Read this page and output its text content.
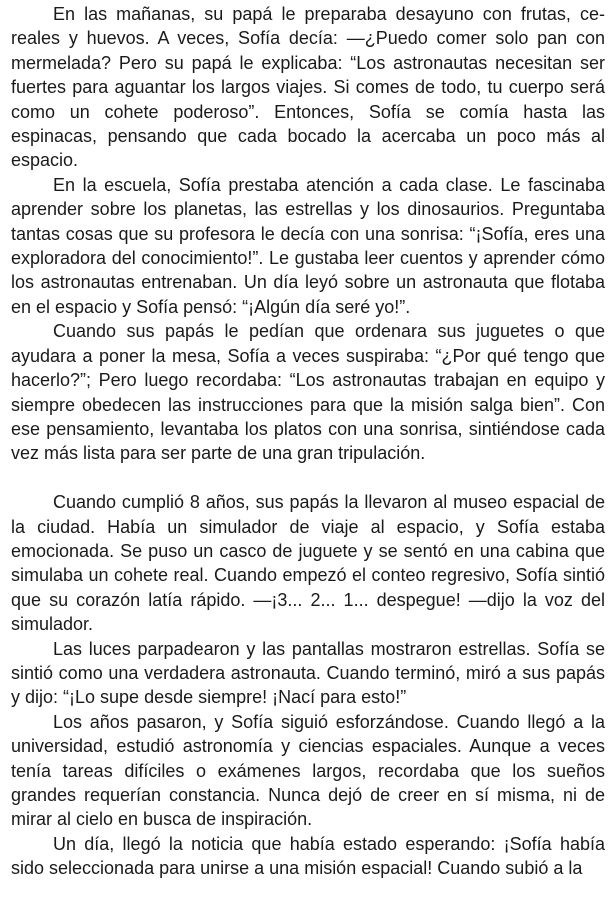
En las mañanas, su papá le preparaba desayuno con frutas, cereales y huevos. A veces, Sofía decía: —¿Puedo comer solo pan con mermelada? Pero su papá le explicaba: “Los astronautas necesitan ser fuertes para aguantar los largos viajes. Si comes de todo, tu cuerpo será como un cohete poderoso”. Entonces, Sofía se comía hasta las espinacas, pensando que cada bocado la acercaba un poco más al espacio.

En la escuela, Sofía prestaba atención a cada clase. Le fascinaba aprender sobre los planetas, las estrellas y los dinosaurios. Preguntaba tantas cosas que su profesora le decía con una sonrisa: “¡Sofía, eres una exploradora del conocimiento!”. Le gustaba leer cuentos y aprender cómo los astronautas entrenaban. Un día leyó sobre un astronauta que flotaba en el espacio y Sofía pensó: “¡Algún día seré yo!”.

Cuando sus papás le pedían que ordenara sus juguetes o que ayudara a poner la mesa, Sofía a veces suspiraba: “¿Por qué tengo que hacerlo?”; Pero luego recordaba: “Los astronautas trabajan en equipo y siempre obedecen las instrucciones para que la misión salga bien”. Con ese pensamiento, levantaba los platos con una sonrisa, sintiéndose cada vez más lista para ser parte de una gran tripulación.

Cuando cumplió 8 años, sus papás la llevaron al museo espacial de la ciudad. Había un simulador de viaje al espacio, y Sofía estaba emocionada. Se puso un casco de juguete y se sentó en una cabina que simulaba un cohete real. Cuando empezó el conteo regresivo, Sofía sintió que su corazón latía rápido. —¡3... 2... 1... despegue! —dijo la voz del simulador.

Las luces parpadearon y las pantallas mostraron estrellas. Sofía se sintió como una verdadera astronauta. Cuando terminó, miró a sus papás y dijo: “¡Lo supe desde siempre! ¡Nací para esto!”

Los años pasaron, y Sofía siguió esforzándose. Cuando llegó a la universidad, estudió astronomía y ciencias espaciales. Aunque a veces tenía tareas difíciles o exámenes largos, recordaba que los sueños grandes requerían constancia. Nunca dejó de creer en sí misma, ni de mirar al cielo en busca de inspiración.

Un día, llegó la noticia que había estado esperando: ¡Sofía había sido seleccionada para unirse a una misión espacial! Cuando subió a la
